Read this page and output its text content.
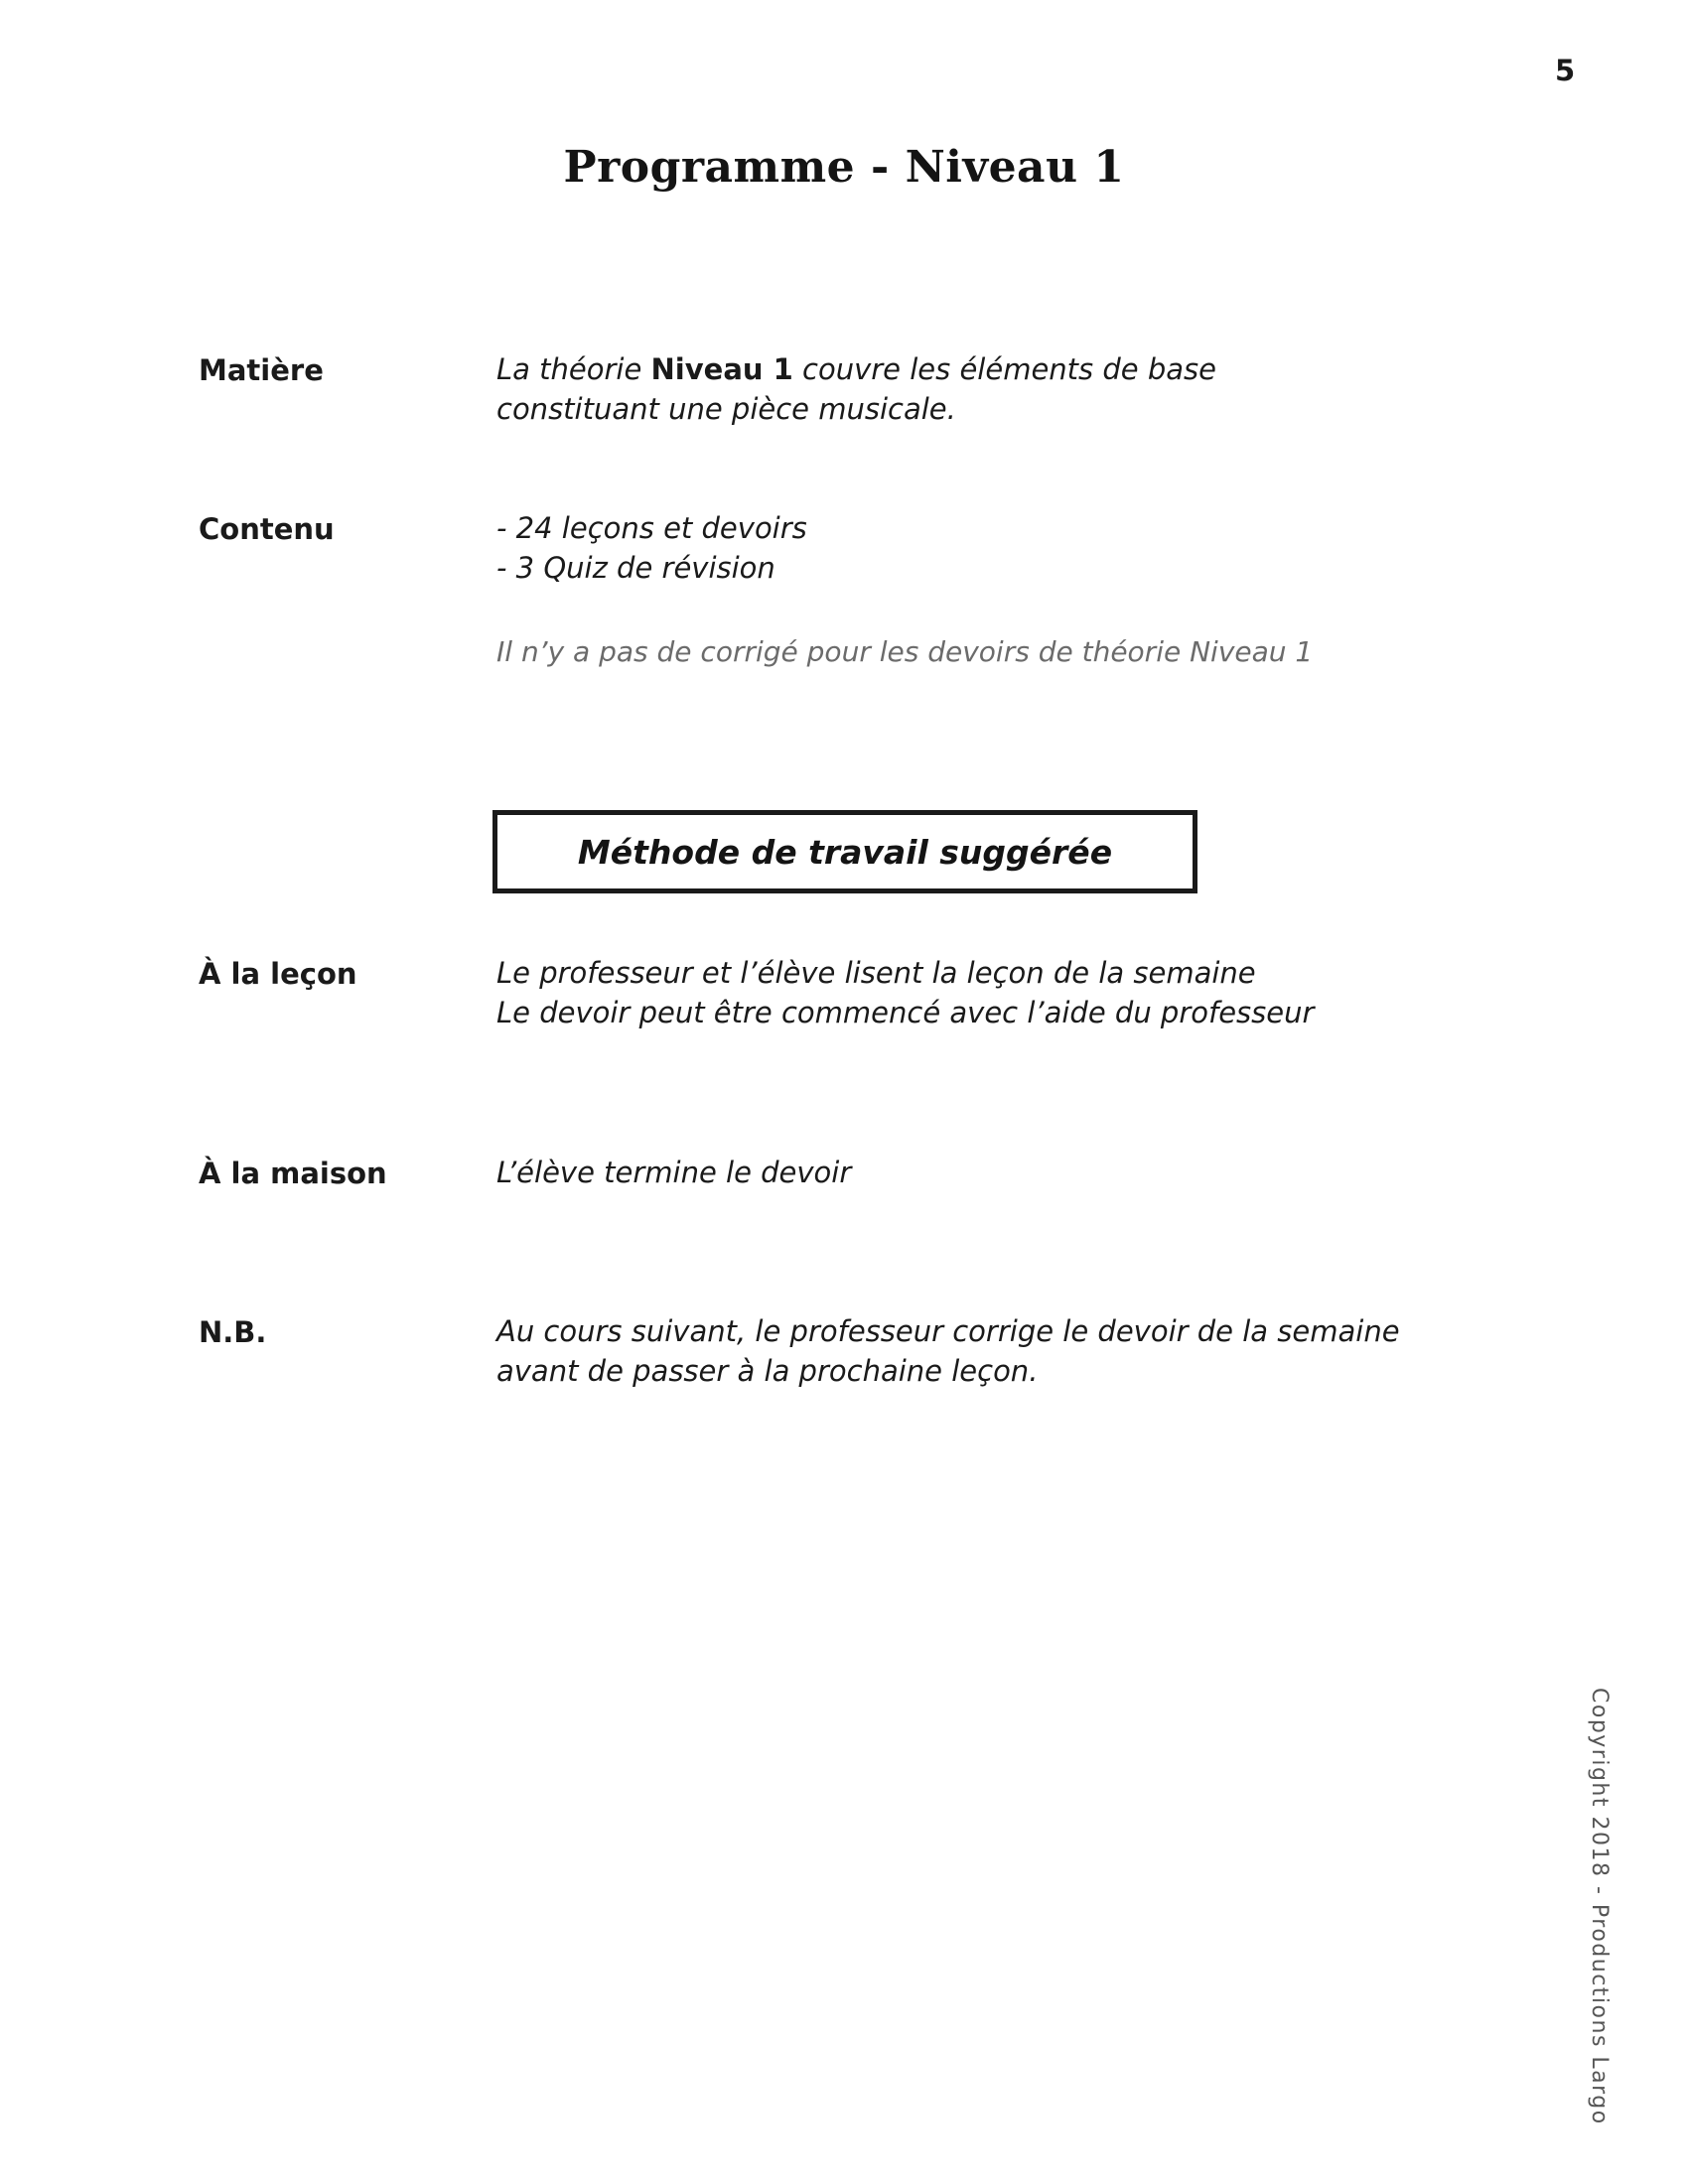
5
Programme - Niveau 1
Matière	La théorie Niveau 1 couvre les éléments de base
constituant une pièce musicale.
Contenu	- 24 leçons et devoirs
- 3 Quiz de révision
Il n’y a pas de corrigé pour les devoirs de théorie Niveau 1
Méthode de travail suggérée
À la leçon	Le professeur et l’élève lisent la leçon de la semaine
Le devoir peut être commencé avec l’aide du professeur
À la maison	L’élève termine le devoir
N.B.	Au cours suivant, le professeur corrige le devoir de la semaine
avant de passer à la prochaine leçon.
Copyright 2018 - Productions Largo
